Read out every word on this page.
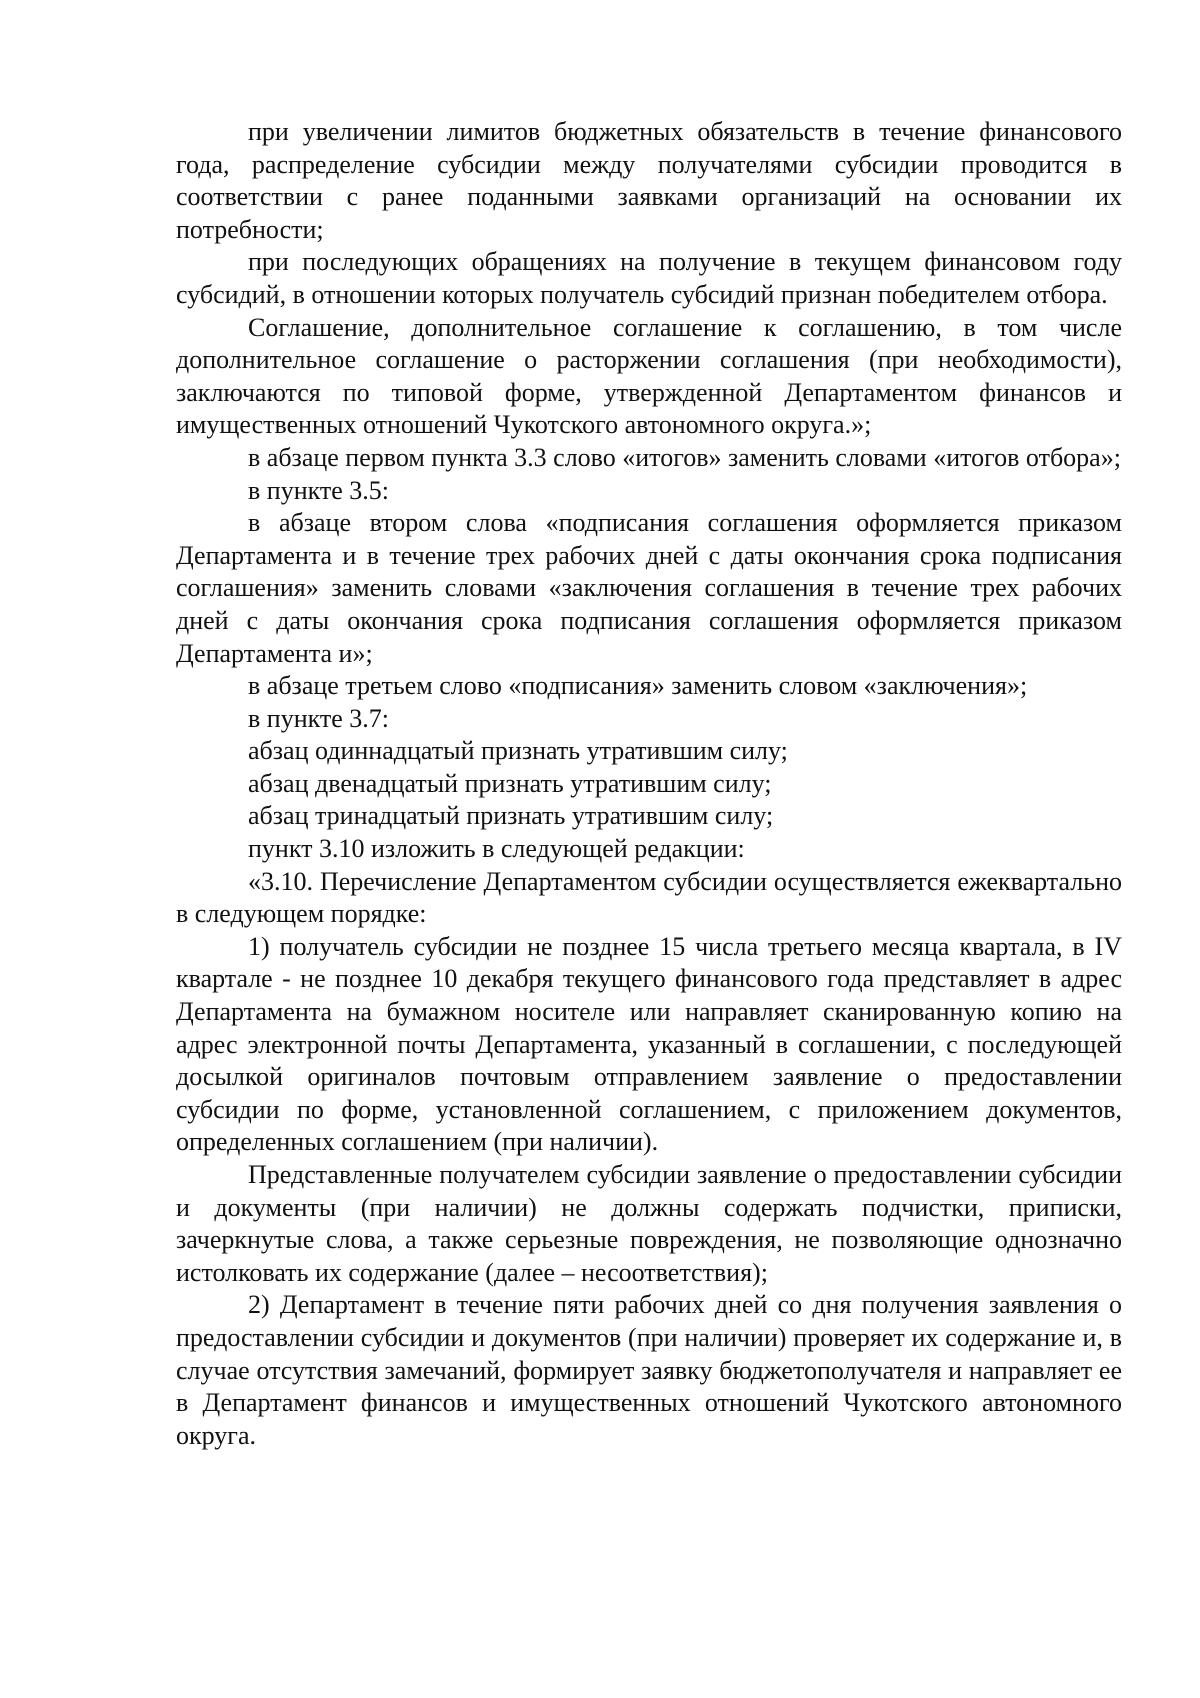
при увеличении лимитов бюджетных обязательств в течение финансового года, распределение субсидии между получателями субсидии проводится в соответствии с ранее поданными заявками организаций на основании их потребности;

при последующих обращениях на получение в текущем финансовом году субсидий, в отношении которых получатель субсидий признан победителем отбора.

Соглашение, дополнительное соглашение к соглашению, в том числе дополнительное соглашение о расторжении соглашения (при необходимости), заключаются по типовой форме, утвержденной Департаментом финансов и имущественных отношений Чукотского автономного округа.»;

в абзаце первом пункта 3.3 слово «итогов» заменить словами «итогов отбора»;

в пункте 3.5:

в абзаце втором слова «подписания соглашения оформляется приказом Департамента и в течение трех рабочих дней с даты окончания срока подписания соглашения» заменить словами «заключения соглашения в течение трех рабочих дней с даты окончания срока подписания соглашения оформляется приказом Департамента и»;

в абзаце третьем слово «подписания» заменить словом «заключения»;

в пункте 3.7:

абзац одиннадцатый признать утратившим силу;

абзац двенадцатый признать утратившим силу;

абзац тринадцатый признать утратившим силу;

пункт 3.10 изложить в следующей редакции:

«3.10. Перечисление Департаментом субсидии осуществляется ежеквартально в следующем порядке:

1) получатель субсидии не позднее 15 числа третьего месяца квартала, в IV квартале - не позднее 10 декабря текущего финансового года представляет в адрес Департамента на бумажном носителе или направляет сканированную копию на адрес электронной почты Департамента, указанный в соглашении, с последующей досылкой оригиналов почтовым отправлением заявление о предоставлении субсидии по форме, установленной соглашением, с приложением документов, определенных соглашением (при наличии).

Представленные получателем субсидии заявление о предоставлении субсидии и документы (при наличии) не должны содержать подчистки, приписки, зачеркнутые слова, а также серьезные повреждения, не позволяющие однозначно истолковать их содержание (далее – несоответствия);

2) Департамент в течение пяти рабочих дней со дня получения заявления о предоставлении субсидии и документов (при наличии) проверяет их содержание и, в случае отсутствия замечаний, формирует заявку бюджетополучателя и направляет ее в Департамент финансов и имущественных отношений Чукотского автономного округа.
